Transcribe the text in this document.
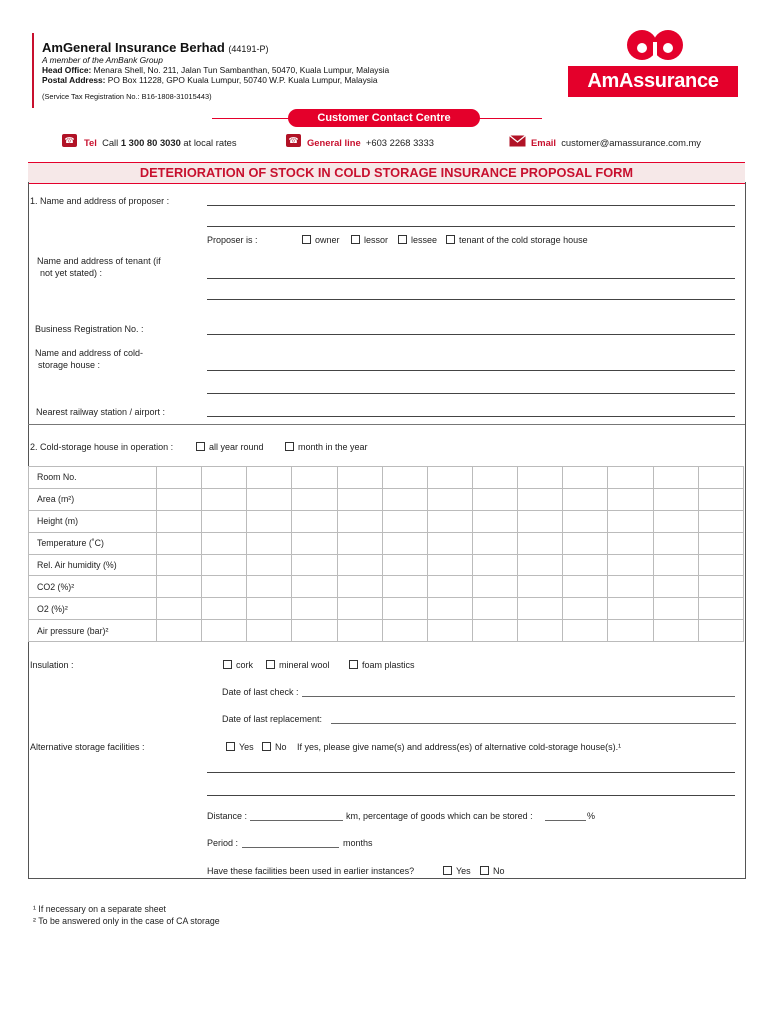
AmGeneral Insurance Berhad (44191-P)
A member of the AmBank Group
Head Office: Menara Shell, No. 211, Jalan Tun Sambanthan, 50470, Kuala Lumpur, Malaysia
Postal Address: PO Box 11228, GPO Kuala Lumpur, 50740 W.P. Kuala Lumpur, Malaysia
(Service Tax Registration No.: B16-1808-31015443)
AmAssurance
Customer Contact Centre
☎ Tel Call 1 300 80 3030 at local rates	☎ General line +603 2268 3333	Email customer@amassurance.com.my
DETERIORATION OF STOCK IN COLD STORAGE INSURANCE PROPOSAL FORM
1. Name and address of proposer :
Proposer is :	owner	lessor	lessee	tenant of the cold storage house
Name and address of tenant (if
not yet stated) :
Business Registration No. :
Name and address of cold-
storage house :
Nearest railway station / airport :
2. Cold-storage house in operation :	all year round	month in the year
Room No.													
Area (m²)													
Height (m)													
Temperature (˚C)													
Rel. Air humidity (%)													
CO2 (%)²													
O2 (%)²													
Air pressure (bar)²													
Insulation :	cork	mineral wool	foam plastics
Date of last check :
Date of last replacement:
Alternative storage facilities :	Yes	No If yes, please give name(s) and address(es) of alternative cold-storage house(s).¹
Distance :	km, percentage of goods which can be stored :	%
Period :	months
Have these facilities been used in earlier instances?	Yes	No
¹ If necessary on a separate sheet
² To be answered only in the case of CA storage
